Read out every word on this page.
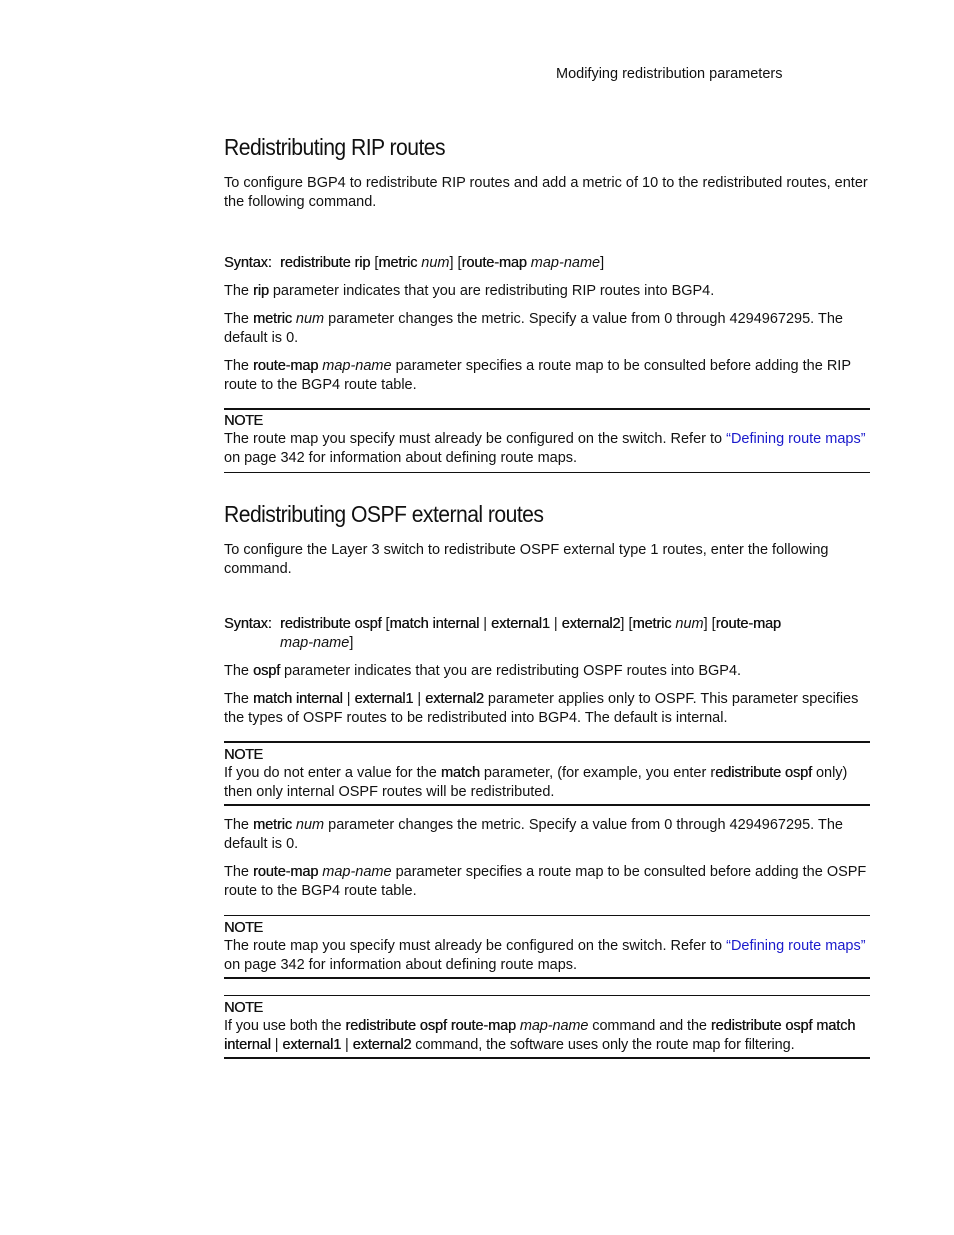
Modifying redistribution parameters
Redistributing RIP routes

To configure BGP4 to redistribute RIP routes and add a metric of 10 to the redistributed routes, enter the following command.

Syntax: redistribute rip [metric num] [route-map map-name]

The rip parameter indicates that you are redistributing RIP routes into BGP4.

The metric num parameter changes the metric. Specify a value from 0 through 4294967295. The default is 0.

The route-map map-name parameter specifies a route map to be consulted before adding the RIP route to the BGP4 route table.

NOTE

The route map you specify must already be configured on the switch. Refer to “Defining route maps” on page 342 for information about defining route maps.

Redistributing OSPF external routes

To configure the Layer 3 switch to redistribute OSPF external type 1 routes, enter the following command.

Syntax: redistribute ospf [match internal | external1 | external2] [metric num] [route-map
map-name]

The ospf parameter indicates that you are redistributing OSPF routes into BGP4.

The match internal | external1 | external2 parameter applies only to OSPF. This parameter specifies the types of OSPF routes to be redistributed into BGP4. The default is internal.

NOTE

If you do not enter a value for the match parameter, (for example, you enter redistribute ospf only) then only internal OSPF routes will be redistributed.

The metric num parameter changes the metric. Specify a value from 0 through 4294967295. The default is 0.

The route-map map-name parameter specifies a route map to be consulted before adding the OSPF route to the BGP4 route table.

NOTE

The route map you specify must already be configured on the switch. Refer to “Defining route maps” on page 342 for information about defining route maps.

NOTE

If you use both the redistribute ospf route-map map-name command and the redistribute ospf match internal | external1 | external2 command, the software uses only the route map for filtering.
